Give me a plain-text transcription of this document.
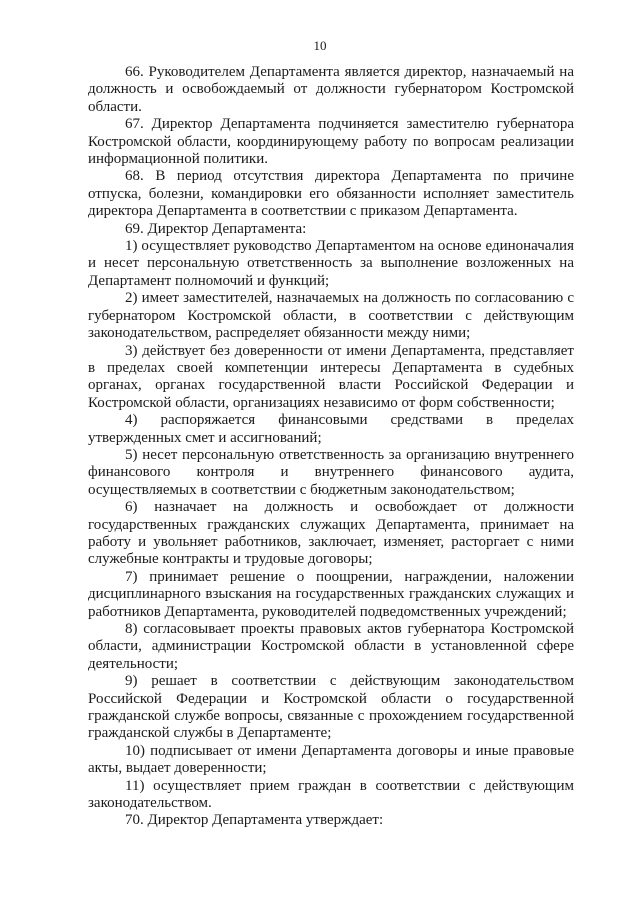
10

66. Руководителем Департамента является директор, назначаемый на должность и освобождаемый от должности губернатором Костромской области.

67. Директор Департамента подчиняется заместителю губернатора Костромской области, координирующему работу по вопросам реализации информационной политики.

68. В период отсутствия директора Департамента по причине отпуска, болезни, командировки его обязанности исполняет заместитель директора Департамента в соответствии с приказом Департамента.

69. Директор Департамента:

1) осуществляет руководство Департаментом на основе единоначалия и несет персональную ответственность за выполнение возложенных на Департамент полномочий и функций;

2) имеет заместителей, назначаемых на должность по согласованию с губернатором Костромской области, в соответствии с действующим законодательством, распределяет обязанности между ними;

3) действует без доверенности от имени Департамента, представляет в пределах своей компетенции интересы Департамента в судебных органах, органах государственной власти Российской Федерации и Костромской области, организациях независимо от форм собственности;

4) распоряжается финансовыми средствами в пределах утвержденных смет и ассигнований;

5) несет персональную ответственность за организацию внутреннего финансового контроля и внутреннего финансового аудита, осуществляемых в соответствии с бюджетным законодательством;

6) назначает на должность и освобождает от должности государственных гражданских служащих Департамента, принимает на работу и увольняет работников, заключает, изменяет, расторгает с ними служебные контракты и трудовые договоры;

7) принимает решение о поощрении, награждении, наложении дисциплинарного взыскания на государственных гражданских служащих и работников Департамента, руководителей подведомственных учреждений;

8) согласовывает проекты правовых актов губернатора Костромской области, администрации Костромской области в установленной сфере деятельности;

9) решает в соответствии с действующим законодательством Российской Федерации и Костромской области о государственной гражданской службе вопросы, связанные с прохождением государственной гражданской службы в Департаменте;

10) подписывает от имени Департамента договоры и иные правовые акты, выдает доверенности;

11) осуществляет прием граждан в соответствии с действующим законодательством.

70. Директор Департамента утверждает:
